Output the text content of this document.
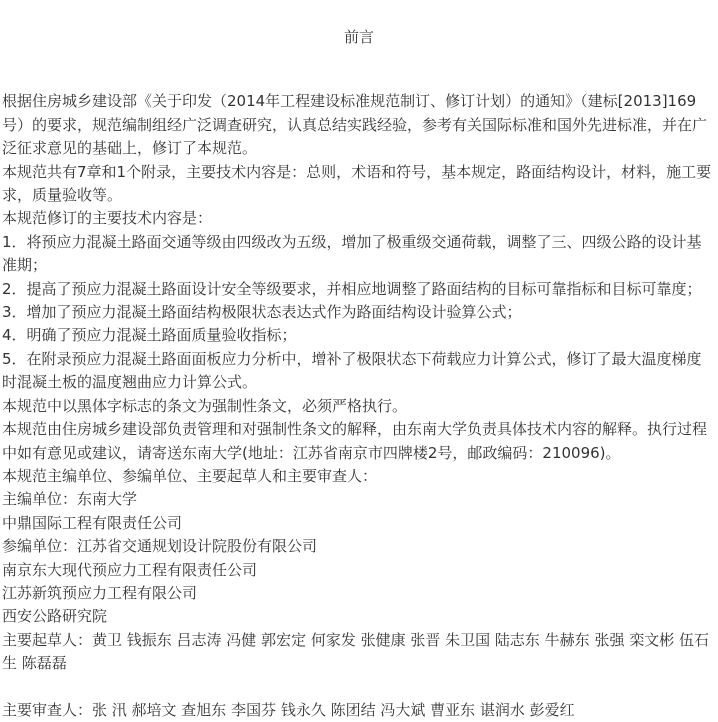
前言
根据住房城乡建设部《关于印发（2014年工程建设标准规范制订、修订计划）的通知》（建标[2013]169号）的要求，规范编制组经广泛调查研究，认真总结实践经验，参考有关国际标准和国外先进标准，并在广泛征求意见的基础上，修订了本规范。
本规范共有7章和1个附录，主要技术内容是：总则，术语和符号，基本规定，路面结构设计，材料，施工要求，质量验收等。
本规范修订的主要技术内容是：
1．将预应力混凝土路面交通等级由四级改为五级，增加了极重级交通荷载，调整了三、四级公路的设计基准期；
2．提高了预应力混凝土路面设计安全等级要求，并相应地调整了路面结构的目标可靠指标和目标可靠度；
3．增加了预应力混凝土路面结构极限状态表达式作为路面结构设计验算公式；
4．明确了预应力混凝土路面质量验收指标；
5．在附录预应力混凝土路面面板应力分析中，增补了极限状态下荷载应力计算公式，修订了最大温度梯度时混凝土板的温度翘曲应力计算公式。
本规范中以黑体字标志的条文为强制性条文，必须严格执行。
本规范由住房城乡建设部负责管理和对强制性条文的解释，由东南大学负责具体技术内容的解释。执行过程中如有意见或建议，请寄送东南大学(地址：江苏省南京市四牌楼2号，邮政编码：210096)。
本规范主编单位、参编单位、主要起草人和主要审查人：
主编单位：东南大学
中鼎国际工程有限责任公司
参编单位：江苏省交通规划设计院股份有限公司
南京东大现代预应力工程有限责任公司
江苏新筑预应力工程有限公司
西安公路研究院
主要起草人：黄卫 钱振东 吕志涛 冯健 郭宏定 何家发 张健康 张晋 朱卫国 陆志东 牛赫东 张强 栾文彬 伍石生 陈磊磊
主要审查人：张 汛 郝培文 查旭东 李国芬 钱永久 陈团结 冯大斌 曹亚东 谌润水 彭爱红
